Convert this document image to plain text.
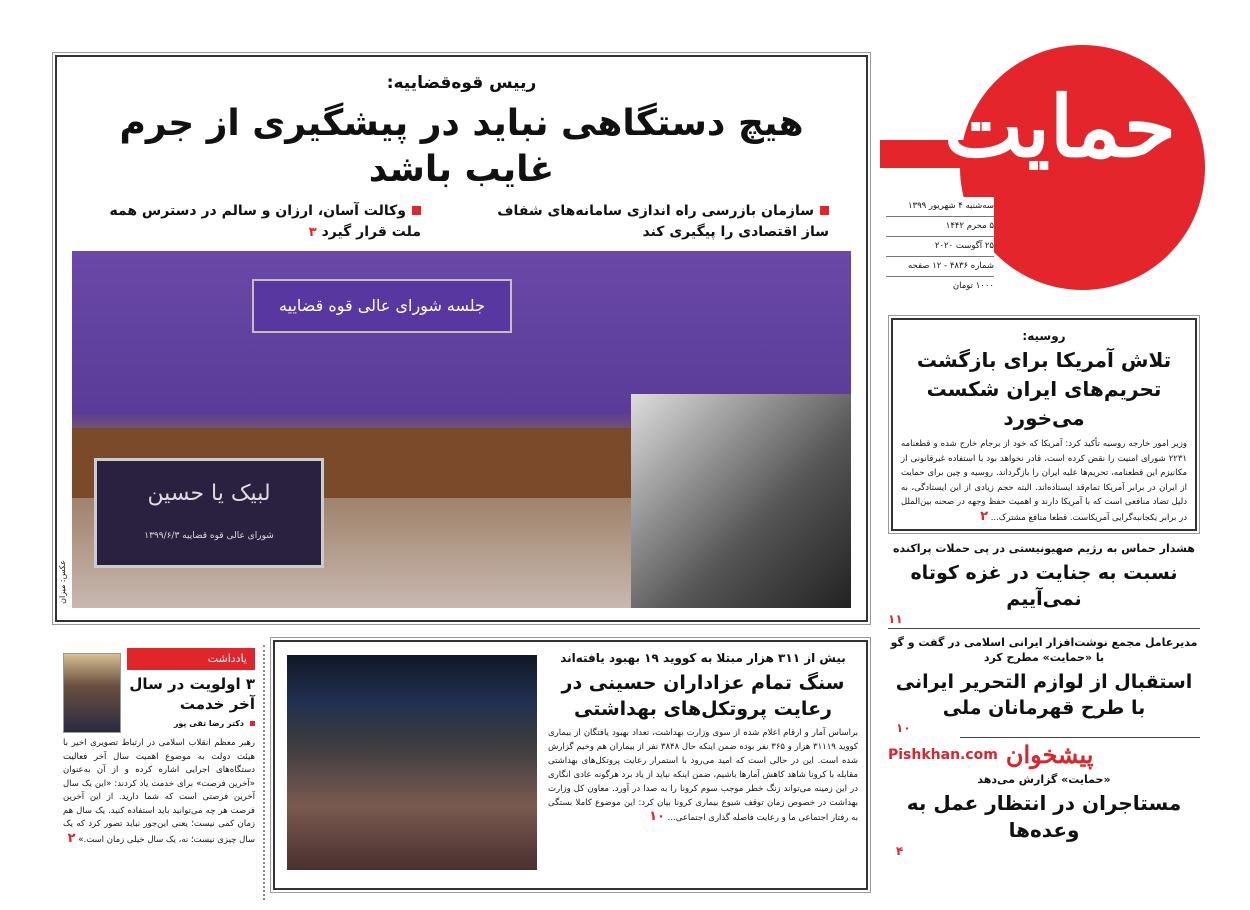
حمایت
سه‌شنبه ۴ شهریور ۱۳۹۹
۵ محرم ۱۴۴۲
۲۵ آگوست ۲۰۲۰
شماره ۴۸۳۶ - ۱۲ صفحه
۱۰۰۰ تومان
رییس قوه‌قضاییه:
هیچ دستگاهی نباید در پیشگیری از جرم غایب باشد
سازمان بازرسی راه اندازی سامانه‌های شفاف ساز اقتصادی را پیگیری کند
وکالت آسان، ارزان و سالم در دسترس همه ملت قرار گیرد ۳
جلسه شورای عالی قوه قضاییه
لبیک یا حسین
شورای عالی قوه قضاییه ۱۳۹۹/۶/۳
عکس: میزان
روسیه:
تلاش آمریکا برای بازگشت تحریم‌های ایران شکست می‌خورد
وزیر امور خارجه روسیه تأکید کرد: آمریکا که خود از برجام خارج شده و قطعنامه ۲۲۳۱ شورای امنیت را نقض کرده است، قادر نخواهد بود با استفاده غیرقانونی از مکانیزم این قطعنامه، تحریم‌ها علیه ایران را بازگرداند. روسیه و چین برای حمایت از ایران در برابر آمریکا تمام‌قد ایستاده‌اند. البته حجم زیادی از این ایستادگی، به دلیل تضاد منافعی است که با آمریکا دارند و اهمیت حفظ وجهه در صحنه بین‌الملل در برابر یکجانبه‌گرایی آمریکاست. قطعا منافع مشترک... ۲
هشدار حماس به رژیم صهیونیستی در پی حملات پراکنده
نسبت به جنایت در غزه کوتاه نمی‌آییم
۱۱
مدیرعامل مجمع نوشت‌افزار ایرانی اسلامی در گفت و گو با «حمایت» مطرح کرد
استقبال از لوازم التحریر ایرانی با طرح قهرمانان ملی
۱۰
Pishkhan.com پیشخوان
«حمایت» گزارش می‌دهد
مستاجران در انتظار عمل به وعده‌ها
۴
یادداشت
۳ اولویت در سال آخر خدمت
دکتر رضا تقی پور
رهبر معظم انقلاب اسلامی در ارتباط تصویری اخیر با هیئت دولت به موضوع اهمیت سال آخر فعالیت دستگاه‌های اجرایی اشاره کرده و از آن به‌عنوان «آخرین فرصت» برای خدمت یاد کردند: «این یک سال آخرین فرصتی است که شما دارید. از این آخرین فرصت هر چه می‌توانید باید استفاده کنید. یک سال هم زمان کمی نیست؛ یعنی این‌جور نباید تصور کرد که یک سال چیزی نیست؛ نه، یک سال خیلی زمان است.» ۲
بیش از ۳۱۱ هزار مبتلا به کووید ۱۹ بهبود یافته‌اند
سنگ تمام عزاداران حسینی در رعایت پروتکل‌های بهداشتی
براساس آمار و ارقام اعلام شده از سوی وزارت بهداشت، تعداد بهبود یافتگان از بیماری کووید ۳۱۱۱۹ هزار و ۳۶۵ نفر بوده ضمن اینکه حال ۳۸۴۸ نفر از بیماران هم وخیم گزارش شده است. این در حالی است که امید می‌رود با استمرار رعایت پروتکل‌های بهداشتی مقابله با کرونا شاهد کاهش آمارها باشیم، ضمن اینکه نباید از یاد برد هرگونه عادی انگاری در این زمینه می‌تواند زنگ خطر موجب سوم کرونا را به صدا در آورد. معاون کل وزارت بهداشت در خصوص زمان توقف شیوع بیماری کرونا بیان کرد: این موضوع کاملا بستگی به رفتار اجتماعی ما و رعایت فاصله گذاری اجتماعی... ۱۰
